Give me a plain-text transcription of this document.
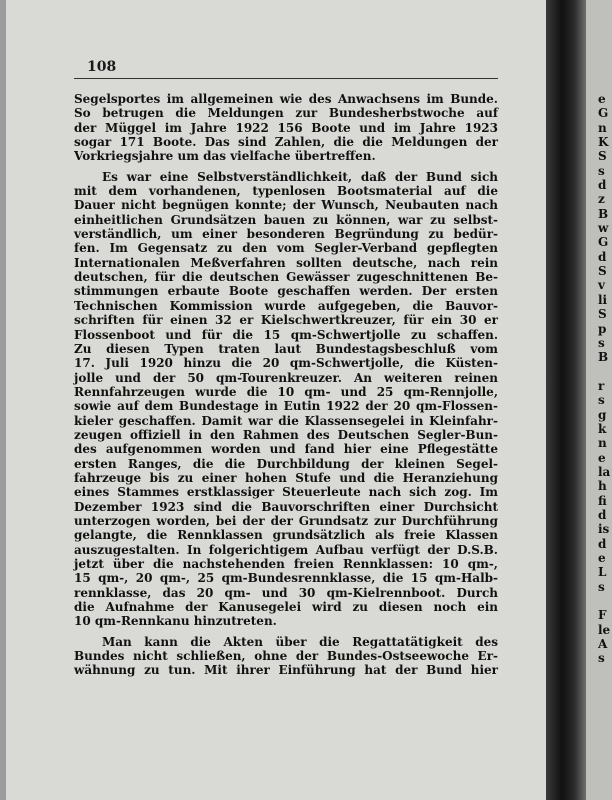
108
Segelsportes im allgemeinen wie des Anwachsens im Bunde.
So betrugen die Meldungen zur Bundesherbstwoche auf
der Müggel im Jahre 1922 156 Boote und im Jahre 1923
sogar 171 Boote. Das sind Zahlen, die die Meldungen der
Vorkriegsjahre um das vielfache übertreffen.
Es war eine Selbstverständlichkeit, daß der Bund sich
mit dem vorhandenen, typenlosen Bootsmaterial auf die
Dauer nicht begnügen konnte; der Wunsch, Neubauten nach
einheitlichen Grundsätzen bauen zu können, war zu selbst-
verständlich, um einer besonderen Begründung zu bedür-
fen. Im Gegensatz zu den vom Segler-Verband gepflegten
Internationalen Meßverfahren sollten deutsche, nach rein
deutschen, für die deutschen Gewässer zugeschnittenen Be-
stimmungen erbaute Boote geschaffen werden. Der ersten
Technischen Kommission wurde aufgegeben, die Bauvor-
schriften für einen 32 er Kielschwertkreuzer, für ein 30 er
Flossenboot und für die 15 qm-Schwertjolle zu schaffen.
Zu diesen Typen traten laut Bundestagsbeschluß vom
17. Juli 1920 hinzu die 20 qm-Schwertjolle, die Küsten-
jolle und der 50 qm-Tourenkreuzer. An weiteren reinen
Rennfahrzeugen wurde die 10 qm- und 25 qm-Rennjolle,
sowie auf dem Bundestage in Eutin 1922 der 20 qm-Flossen-
kieler geschaffen. Damit war die Klassensegelei in Kleinfahr-
zeugen offiziell in den Rahmen des Deutschen Segler-Bun-
des aufgenommen worden und fand hier eine Pflegestätte
ersten Ranges, die die Durchbildung der kleinen Segel-
fahrzeuge bis zu einer hohen Stufe und die Heranziehung
eines Stammes erstklassiger Steuerleute nach sich zog. Im
Dezember 1923 sind die Bauvorschriften einer Durchsicht
unterzogen worden, bei der der Grundsatz zur Durchführung
gelangte, die Rennklassen grundsätzlich als freie Klassen
auszugestalten. In folgerichtigem Aufbau verfügt der D.S.B.
jetzt über die nachstehenden freien Rennklassen: 10 qm-,
15 qm-, 20 qm-, 25 qm-Bundesrennklasse, die 15 qm-Halb-
rennklasse, das 20 qm- und 30 qm-Kielrennboot. Durch
die Aufnahme der Kanusegelei wird zu diesen noch ein
10 qm-Rennkanu hinzutreten.
Man kann die Akten über die Regattatätigkeit des
Bundes nicht schließen, ohne der Bundes-Ostseewoche Er-
wähnung zu tun. Mit ihrer Einführung hat der Bund hier
e
G
n
K
S
s
d
z
B
w
G
d
S
v
li
S
p
s
B
r
s
g
k
n
e
la
h
fi
d
is
d
e
L
s
F
le
A
s
